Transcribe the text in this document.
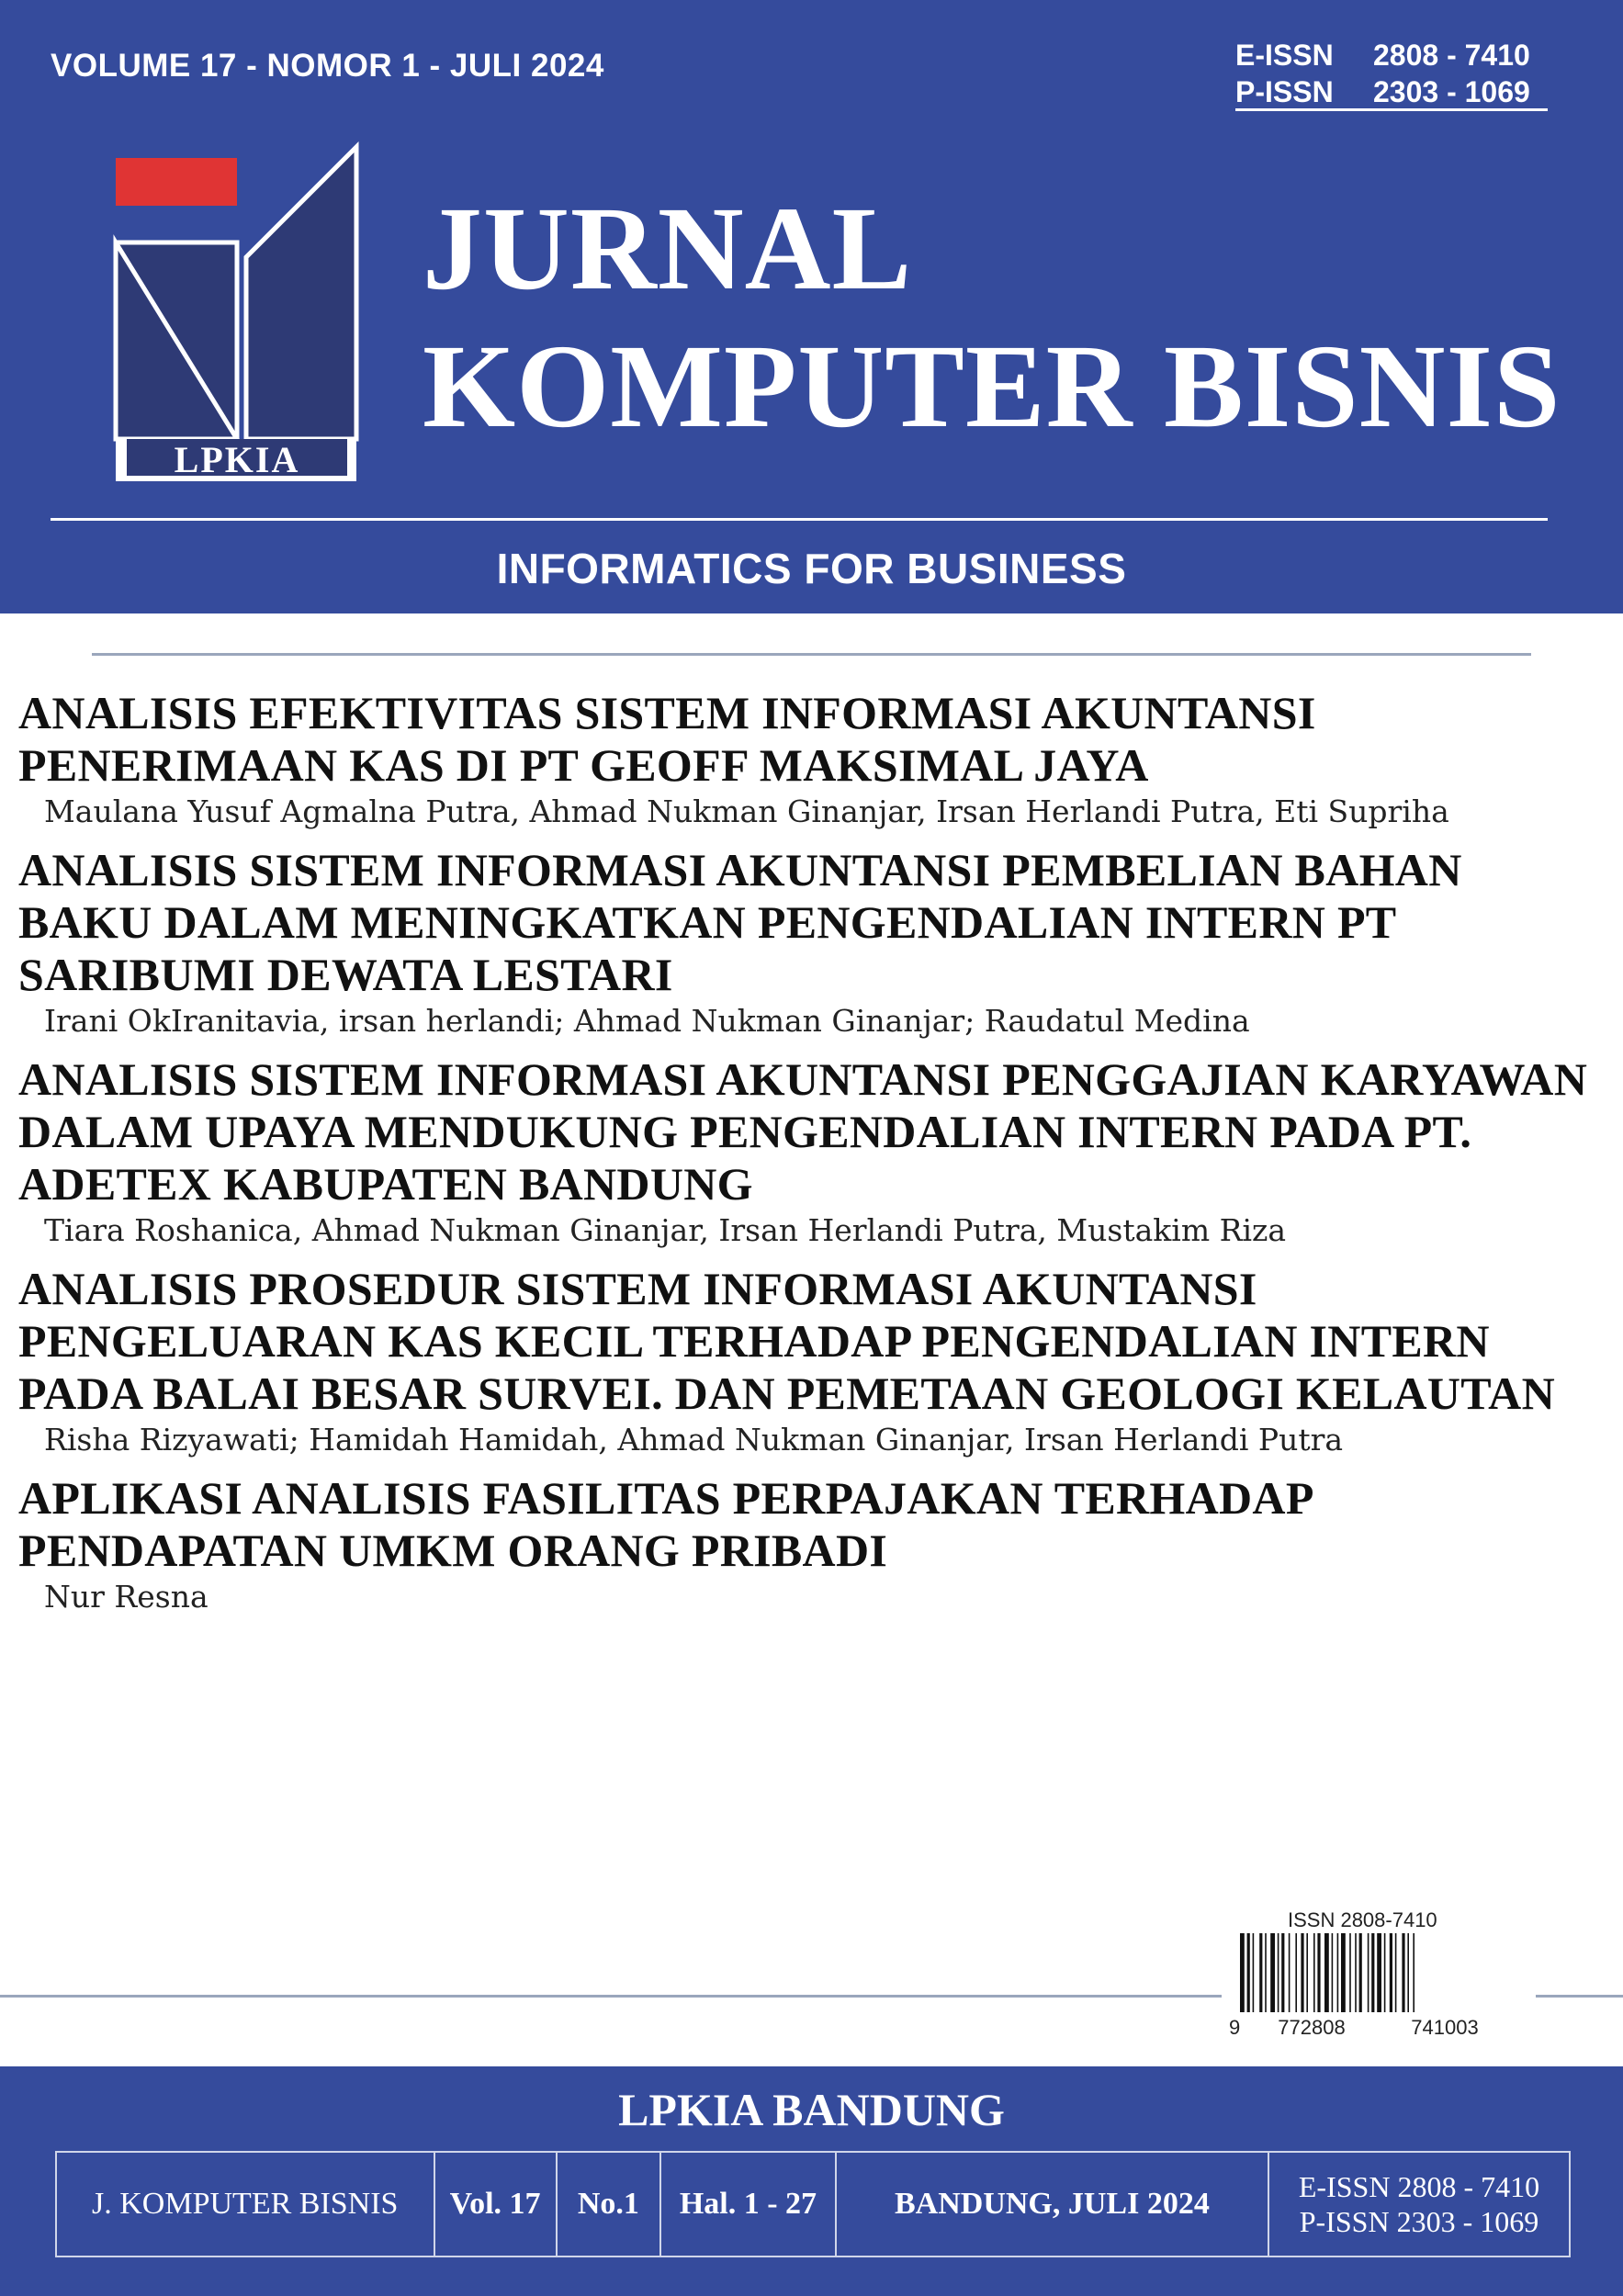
VOLUME 17 - NOMOR 1 - JULI 2024	E-ISSN	2808 - 7410
P-ISSN	2303 - 1069
LPKIA
JURNAL
KOMPUTER BISNIS
INFORMATICS FOR BUSINESS
ANALISIS EFEKTIVITAS SISTEM INFORMASI AKUNTANSI PENERIMAAN KAS DI PT GEOFF MAKSIMAL JAYA
Maulana Yusuf Agmalna Putra, Ahmad Nukman Ginanjar, Irsan Herlandi Putra, Eti Supriha
ANALISIS SISTEM INFORMASI AKUNTANSI PEMBELIAN BAHAN BAKU DALAM MENINGKATKAN PENGENDALIAN INTERN PT SARIBUMI DEWATA LESTARI
Irani OkIranitavia, irsan herlandi; Ahmad Nukman Ginanjar; Raudatul Medina
ANALISIS SISTEM INFORMASI AKUNTANSI PENGGAJIAN KARYAWAN DALAM UPAYA MENDUKUNG PENGENDALIAN INTERN PADA PT. ADETEX KABUPATEN BANDUNG
Tiara Roshanica, Ahmad Nukman Ginanjar, Irsan Herlandi Putra, Mustakim Riza
ANALISIS PROSEDUR SISTEM INFORMASI AKUNTANSI PENGELUARAN KAS KECIL TERHADAP PENGENDALIAN INTERN PADA BALAI BESAR SURVEI. DAN PEMETAAN GEOLOGI KELAUTAN
Risha Rizyawati; Hamidah Hamidah, Ahmad Nukman Ginanjar, Irsan Herlandi Putra
APLIKASI ANALISIS FASILITAS PERPAJAKAN TERHADAP PENDAPATAN UMKM ORANG PRIBADI
Nur Resna
ISSN 2808-7410
9 772808	741003
LPKIA BANDUNG
J. KOMPUTER BISNIS	Vol. 17	No.1	Hal. 1 - 27	BANDUNG, JULI 2024	E-ISSN 2808 - 7410
P-ISSN 2303 - 1069
